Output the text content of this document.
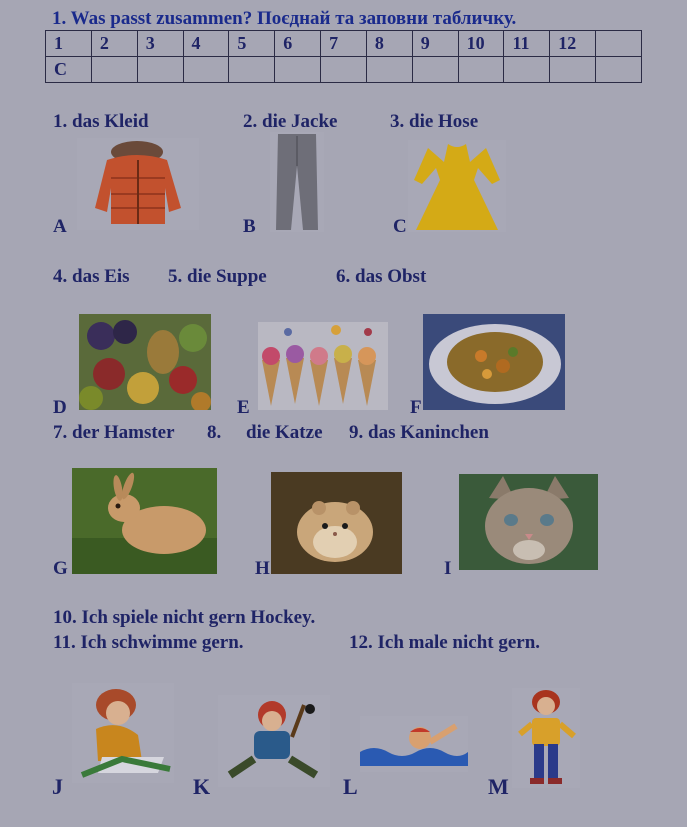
1. Was passt zusammen? Поєднай та заповни табличку.
1	2	3	4	5	6	7	8	9	10	11	12	
C												
1. das Kleid	2. die Jacke	3. die Hose
A	B	C
4. das Eis 5. die Suppe	6. das Obst
D	E	F
7. der Hamster 8. die Katze 9. das Kaninchen
G	H	I
10. Ich spiele nicht gern Hockey.
11. Ich schwimme gern.	12. Ich male nicht gern.
J	K	L	M
